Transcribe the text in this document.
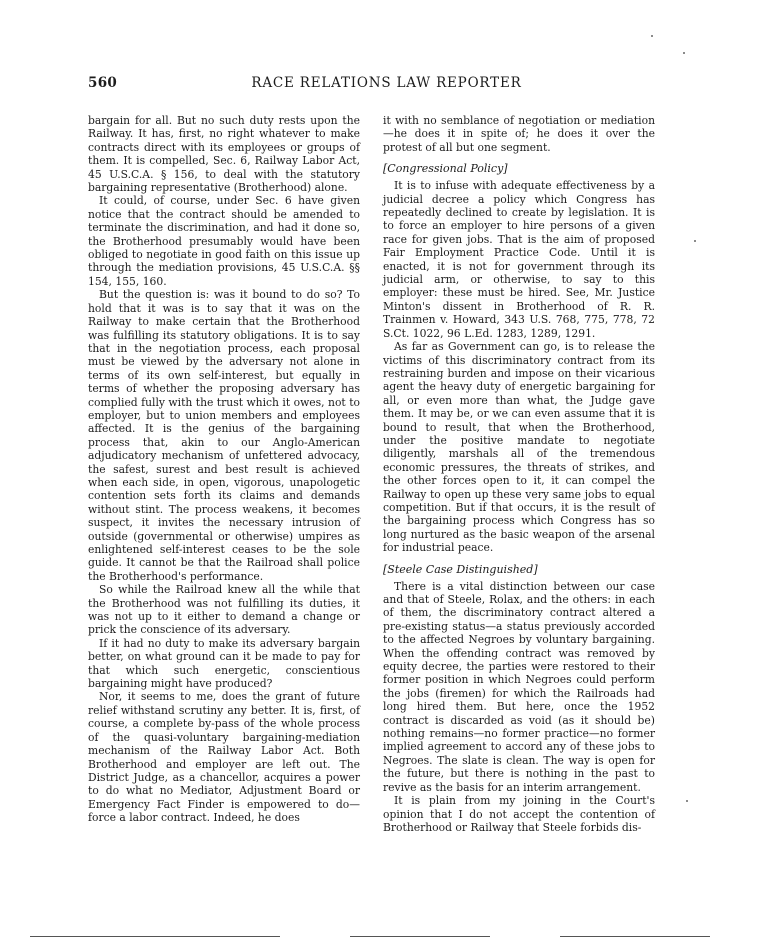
560	RACE RELATIONS LAW REPORTER

bargain for all. But no such duty rests upon the Railway. It has, first, no right whatever to make contracts direct with its employees or groups of them. It is compelled, Sec. 6, Railway Labor Act, 45 U.S.C.A. § 156, to deal with the statutory bargaining representative (Brotherhood) alone.

It could, of course, under Sec. 6 have given notice that the contract should be amended to terminate the discrimination, and had it done so, the Brotherhood presumably would have been obliged to negotiate in good faith on this issue up through the mediation provisions, 45 U.S.C.A. §§ 154, 155, 160.

But the question is: was it bound to do so? To hold that it was is to say that it was on the Railway to make certain that the Brotherhood was fulfilling its statutory obligations. It is to say that in the negotiation process, each proposal must be viewed by the adversary not alone in terms of its own self-interest, but equally in terms of whether the proposing adversary has complied fully with the trust which it owes, not to employer, but to union members and employees affected. It is the genius of the bargaining process that, akin to our Anglo-American adjudicatory mechanism of unfettered advocacy, the safest, surest and best result is achieved when each side, in open, vigorous, unapologetic contention sets forth its claims and demands without stint. The process weakens, it becomes suspect, it invites the necessary intrusion of outside (governmental or otherwise) umpires as enlightened self-interest ceases to be the sole guide. It cannot be that the Railroad shall police the Brotherhood's performance.

So while the Railroad knew all the while that the Brotherhood was not fulfilling its duties, it was not up to it either to demand a change or prick the conscience of its adversary.

If it had no duty to make its adversary bargain better, on what ground can it be made to pay for that which such energetic, conscientious bargaining might have produced?

Nor, it seems to me, does the grant of future relief withstand scrutiny any better. It is, first, of course, a complete by-pass of the whole process of the quasi-voluntary bargaining-mediation mechanism of the Railway Labor Act. Both Brotherhood and employer are left out. The District Judge, as a chancellor, acquires a power to do what no Mediator, Adjustment Board or Emergency Fact Finder is empowered to do—force a labor contract. Indeed, he does

it with no semblance of negotiation or mediation—he does it in spite of; he does it over the protest of all but one segment.

[Congressional Policy]

It is to infuse with adequate effectiveness by a judicial decree a policy which Congress has repeatedly declined to create by legislation. It is to force an employer to hire persons of a given race for given jobs. That is the aim of proposed Fair Employment Practice Code. Until it is enacted, it is not for government through its judicial arm, or otherwise, to say to this employer: these must be hired. See, Mr. Justice Minton's dissent in Brotherhood of R. R. Trainmen v. Howard, 343 U.S. 768, 775, 778, 72 S.Ct. 1022, 96 L.Ed. 1283, 1289, 1291.

As far as Government can go, is to release the victims of this discriminatory contract from its restraining burden and impose on their vicarious agent the heavy duty of energetic bargaining for all, or even more than what, the Judge gave them. It may be, or we can even assume that it is bound to result, that when the Brotherhood, under the positive mandate to negotiate diligently, marshals all of the tremendous economic pressures, the threats of strikes, and the other forces open to it, it can compel the Railway to open up these very same jobs to equal competition. But if that occurs, it is the result of the bargaining process which Congress has so long nurtured as the basic weapon of the arsenal for industrial peace.

[Steele Case Distinguished]

There is a vital distinction between our case and that of Steele, Rolax, and the others: in each of them, the discriminatory contract altered a pre-existing status—a status previously accorded to the affected Negroes by voluntary bargaining. When the offending contract was removed by equity decree, the parties were restored to their former position in which Negroes could perform the jobs (firemen) for which the Railroads had long hired them. But here, once the 1952 contract is discarded as void (as it should be) nothing remains—no former practice—no former implied agreement to accord any of these jobs to Negroes. The slate is clean. The way is open for the future, but there is nothing in the past to revive as the basis for an interim arrangement.

It is plain from my joining in the Court's opinion that I do not accept the contention of Brotherhood or Railway that Steele forbids dis-
